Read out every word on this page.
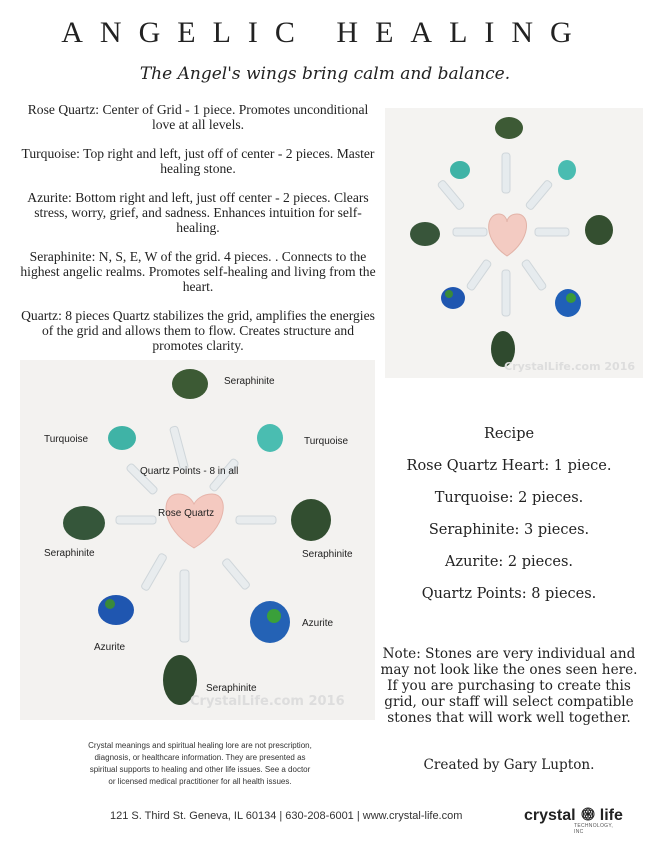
ANGELIC HEALING
The Angel's wings bring calm and balance.

Rose Quartz: Center of Grid - 1 piece. Promotes unconditional love at all levels.

Turquoise: Top right and left, just off of center - 2 pieces. Master healing stone.

Azurite: Bottom right and left, just off center - 2 pieces. Clears stress, worry, grief, and sadness. Enhances intuition for self-healing.

Seraphinite: N, S, E, W of the grid. 4 pieces. . Connects to the highest angelic realms. Promotes self-healing and living from the heart.

Quartz: 8 pieces Quartz stabilizes the grid, amplifies the energies of the grid and allows them to flow. Creates structure and promotes clarity.

CrystalLife.com 2016
Seraphinite
Turquoise	Turquoise
Quartz Points - 8 in all
Rose Quartz
Seraphinite	Seraphinite
Azurite
Azurite
Seraphinite
CrystalLife.com 2016
Recipe
Rose Quartz Heart: 1 piece.
Turquoise: 2 pieces.
Seraphinite: 3 pieces.
Azurite: 2 pieces.
Quartz Points: 8 pieces.
Note: Stones are very individual and may not look like the ones seen here. If you are purchasing to create this grid, our staff will select compatible stones that will work well together.
Created by Gary Lupton.
Crystal meanings and spiritual healing lore are not prescription, diagnosis, or healthcare information. They are presented as spiritual supports to healing and other life issues. See a doctor or licensed medical practitioner for all health issues.
121 S. Third St. Geneva, IL 60134 | 630-208-6001 | www.crystal-life.com	crystal life
TECHNOLOGY, INC
